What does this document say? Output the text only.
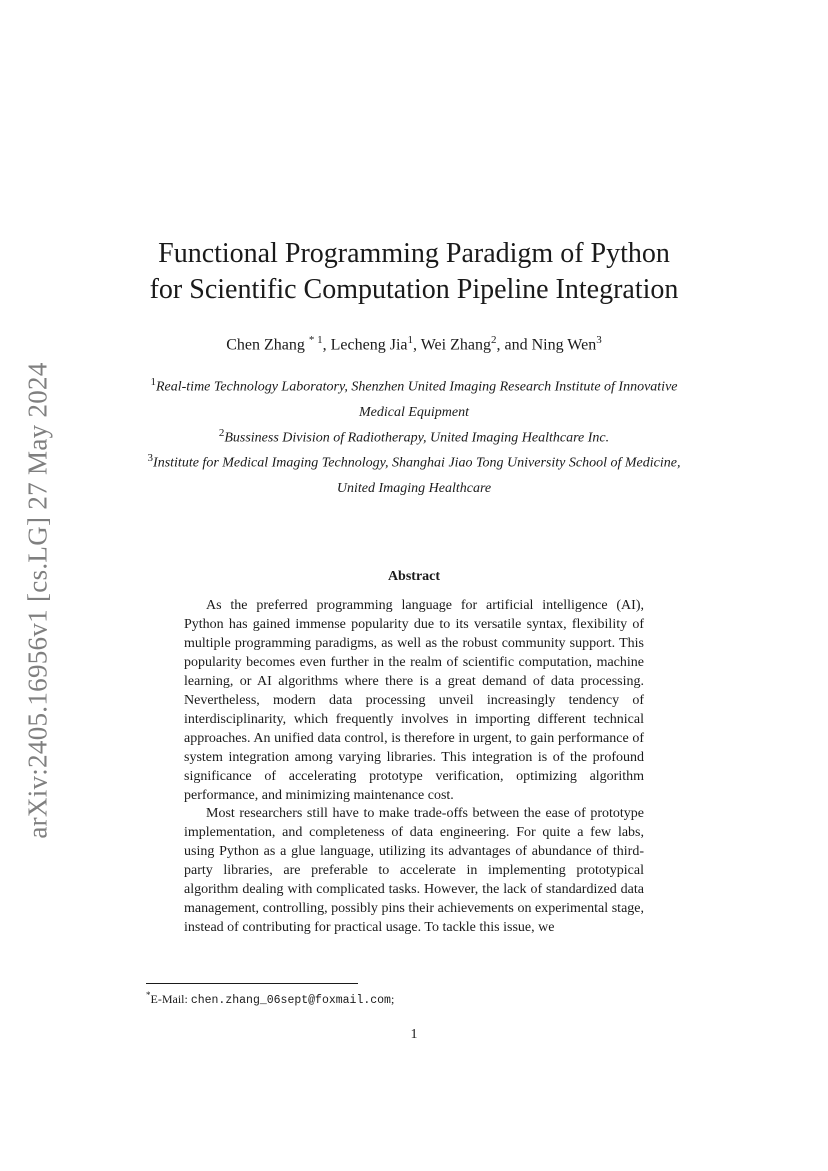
arXiv:2405.16956v1 [cs.LG] 27 May 2024
Functional Programming Paradigm of Python
for Scientific Computation Pipeline Integration
Chen Zhang $^{* 1}$, Lecheng Jia$^1$, Wei Zhang$^2$, and Ning Wen$^3$
$^1$Real-time Technology Laboratory, Shenzhen United Imaging Research Institute of Innovative Medical Equipment
$^2$Bussiness Division of Radiotherapy, United Imaging Healthcare Inc.
$^3$Institute for Medical Imaging Technology, Shanghai Jiao Tong University School of Medicine, United Imaging Healthcare
Abstract

As the preferred programming language for artificial intelligence (AI), Python has gained immense popularity due to its versatile syntax, flexibility of multiple programming paradigms, as well as the robust community support. This popularity becomes even further in the realm of scientific computation, machine learning, or AI algorithms where there is a great demand of data processing. Nevertheless, modern data processing unveil increasingly tendency of interdisciplinarity, which frequently involves in importing different technical approaches. An unified data control, is therefore in urgent, to gain performance of system integration among varying libraries. This integration is of the profound significance of accelerating prototype verification, optimizing algorithm performance, and minimizing maintenance cost.

Most researchers still have to make trade-offs between the ease of prototype implementation, and completeness of data engineering. For quite a few labs, using Python as a glue language, utilizing its advantages of abundance of third-party libraries, are preferable to accelerate in implementing prototypical algorithm dealing with complicated tasks. However, the lack of standardized data management, controlling, possibly pins their achievements on experimental stage, instead of contributing for practical usage. To tackle this issue, we

*E-Mail: chen.zhang_06sept@foxmail.com;
1
